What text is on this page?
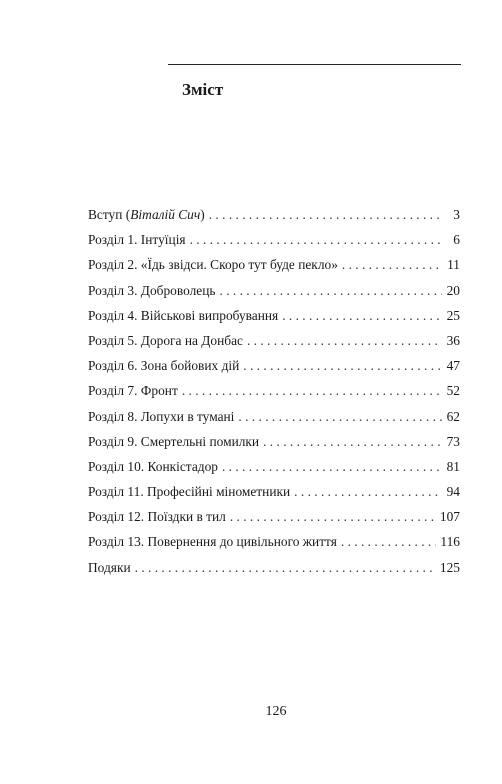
Зміст
Вступ (Віталій Сич) . . .	3
Розділ 1. Інтуїція . . .	6
Розділ 2. «Їдь звідси. Скоро тут буде пекло» . . .	11
Розділ 3. Доброволець . . .	20
Розділ 4. Військові випробування . . .	25
Розділ 5. Дорога на Донбас . . .	36
Розділ 6. Зона бойових дій . . .	47
Розділ 7. Фронт . . .	52
Розділ 8. Лопухи в тумані . . .	62
Розділ 9. Смертельні помилки . . .	73
Розділ 10. Конкістадор . . .	81
Розділ 11. Професійні мінометники . . .	94
Розділ 12. Поїздки в тил . . .	107
Розділ 13. Повернення до цивільного життя . . .	116
Подяки . . .	125
126
